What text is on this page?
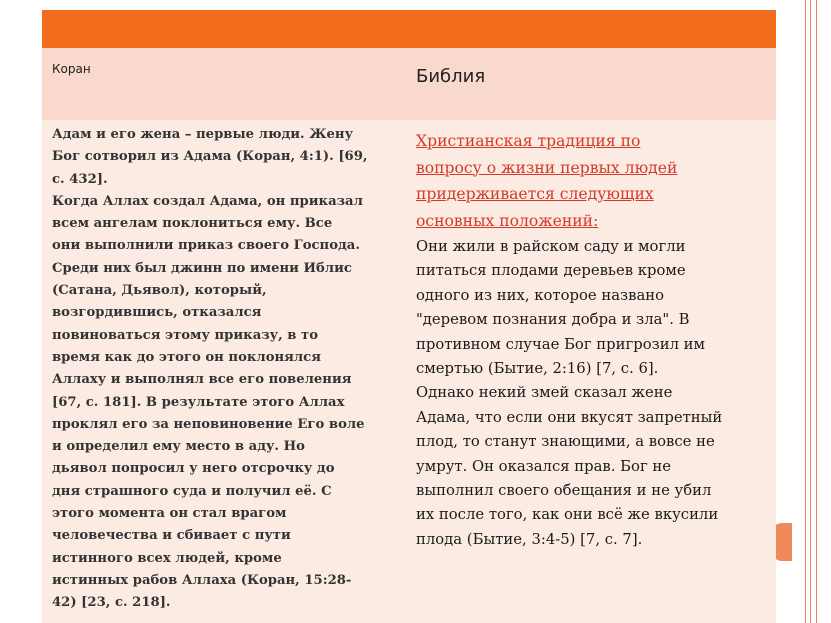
Коран	Библия
Адам и его жена – первые люди. Жену
Бог сотворил из Адама (Коран, 4:1). [69,
с. 432].
Когда Аллах создал Адама, он приказал
всем ангелам поклониться ему. Все
они выполнили приказ своего Господа.
Среди них был джинн по имени Иблис
(Сатана, Дьявол), который,
возгордившись, отказался
повиноваться этому приказу, в то
время как до этого он поклонялся
Аллаху и выполнял все его повеления
[67, с. 181]. В результате этого Аллах
проклял его за неповиновение Его воле
и определил ему место в аду. Но
дьявол попросил у него отсрочку до
дня страшного суда и получил её. С
этого момента он стал врагом
человечества и сбивает с пути
истинного всех людей, кроме
истинных рабов Аллаха (Коран, 15:28-
42) [23, с. 218].
Христианская традиция по
вопросу о жизни первых людей
придерживается следующих
основных положений:
Они жили в райском саду и могли
питаться плодами деревьев кроме
одного из них, которое названо
"деревом познания добра и зла". В
противном случае Бог пригрозил им
смертью (Бытие, 2:16) [7, с. 6].
Однако некий змей сказал жене
Адама, что если они вкусят запретный
плод, то станут знающими, а вовсе не
умрут. Он оказался прав. Бог не
выполнил своего обещания и не убил
их после того, как они всё же вкусили
плода (Бытие, 3:4-5) [7, с. 7].
